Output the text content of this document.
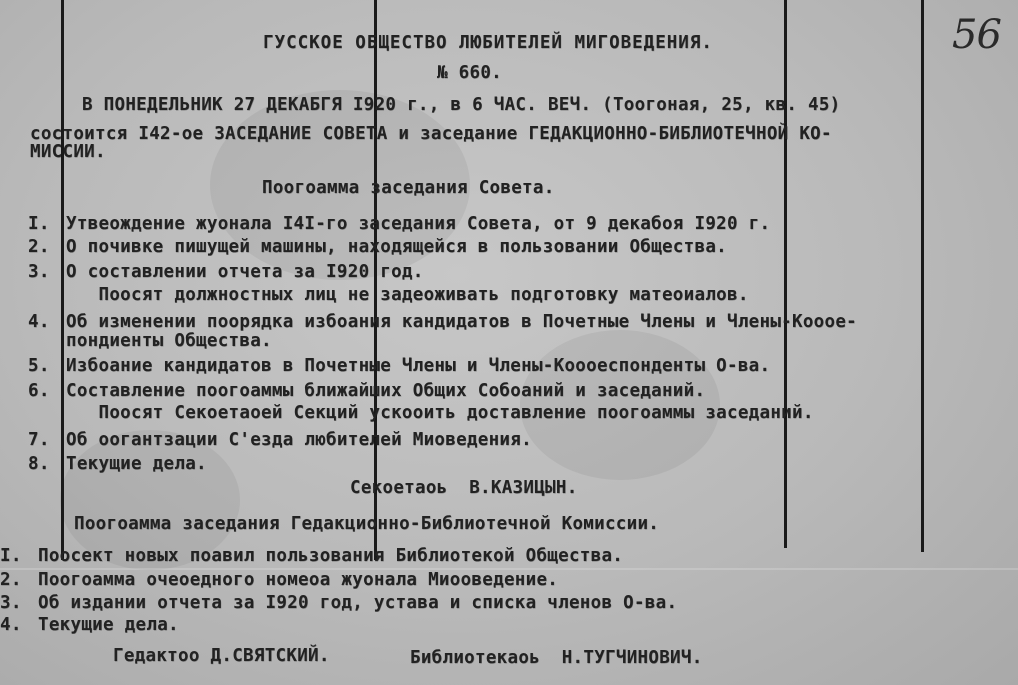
56
ГУССКОЕ ОБЩЕСТВО ЛЮБИТЕЛЕЙ МИГОВЕДЕНИЯ.
№ 660.
В ПОНЕДЕЛЬНИК 27 ДЕКАБГЯ I920 г., в 6 ЧАС. ВЕЧ. (Тоогоная, 25, кв. 45)
состоится I42-ое ЗАСЕДАНИЕ СОВЕТА и заседание ГЕДАКЦИОННО-БИБЛИОТЕЧНОЙ КО-
МИССИИ.
Поогоамма заседания Совета.
I. Утвеождение жуонала I4I-го заседания Совета, от 9 декабоя I920 г.
2. О почивке пишущей машины, находящейся в пользовании Общества.
3. О составлении отчета за I920 год.
Поосят должностных лиц не задеоживать подготовку матеоиалов.
4. Об изменении поорядка избоания кандидатов в Почетные Члены и Члены-Кооое-
пондиенты Общества.
5. Избоание кандидатов в Почетные Члены и Члены-Коооеспонденты О-ва.
6. Составление поогоаммы ближайших Общих Собоаний и заседаний.
Поосят Секоетаоей Секций ускооить доставление поогоаммы заседаний.
7. Об оогантзации С'езда любителей Миоведения.
8. Текущие дела.
Секоетаоь  В.КАЗИЦЫН.
Поогоамма заседания Гедакционно-Библиотечной Комиссии.
I. Поосект новых поавил пользования Библиотекой Общества.
2. Поогоамма очеоедного номеоа жуонала Миооведение.
3. Об издании отчета за I920 год, устава и списка членов О-ва.
4. Текущие дела.
Гедактоо Д.СВЯТСКИЙ.	Библиотекаоь  Н.ТУГЧИНОВИЧ.
